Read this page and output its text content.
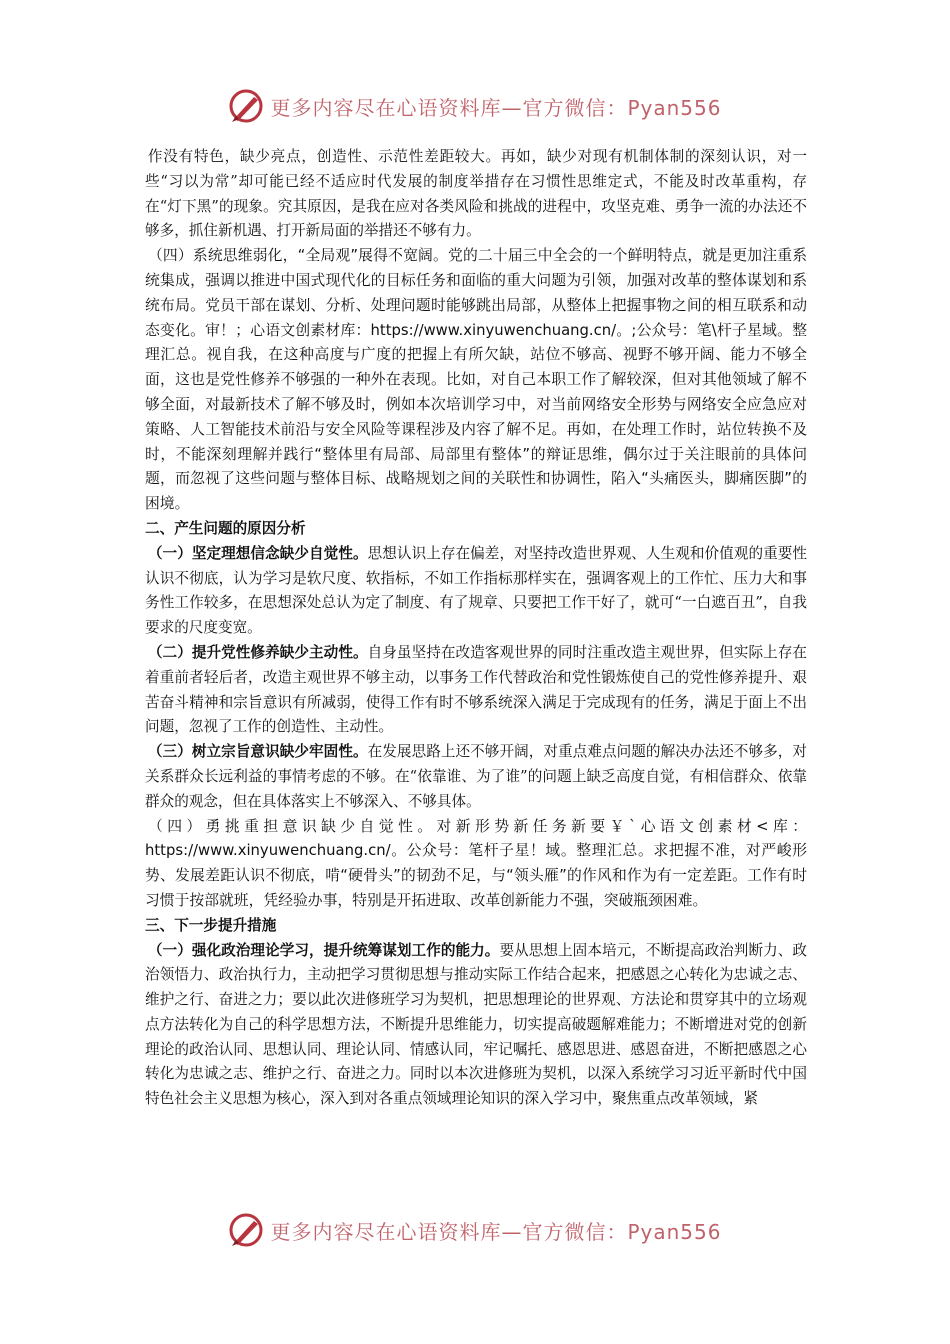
更多内容尽在心语资料库—官方微信：Pyan556

作没有特色，缺少亮点，创造性、示范性差距较大。再如，缺少对现有机制体制的深刻认识，对一些“习以为常”却可能已经不适应时代发展的制度举措存在习惯性思维定式，不能及时改革重构，存在“灯下黑”的现象。究其原因，是我在应对各类风险和挑战的进程中，攻坚克难、勇争一流的办法还不够多，抓住新机遇、打开新局面的举措还不够有力。

（四）系统思维弱化，“全局观”展得不宽阔。党的二十届三中全会的一个鲜明特点，就是更加注重系统集成，强调以推进中国式现代化的目标任务和面临的重大问题为引领，加强对改革的整体谋划和系统布局。党员干部在谋划、分析、处理问题时能够跳出局部，从整体上把握事物之间的相互联系和动态变化。审！；心语文创素材库：https://www.xinyuwenchuang.cn/。;公众号：笔\杆子星域。整理汇总。视自我，在这种高度与广度的把握上有所欠缺，站位不够高、视野不够开阔、能力不够全面，这也是党性修养不够强的一种外在表现。比如，对自己本职工作了解较深，但对其他领域了解不够全面，对最新技术了解不够及时，例如本次培训学习中，对当前网络安全形势与网络安全应急应对策略、人工智能技术前沿与安全风险等课程涉及内容了解不足。再如，在处理工作时，站位转换不及时，不能深刻理解并践行“整体里有局部、局部里有整体”的辩证思维，偶尔过于关注眼前的具体问题，而忽视了这些问题与整体目标、战略规划之间的关联性和协调性，陷入“头痛医头，脚痛医脚”的困境。

二、产生问题的原因分析

（一）坚定理想信念缺少自觉性。思想认识上存在偏差，对坚持改造世界观、人生观和价值观的重要性认识不彻底，认为学习是软尺度、软指标，不如工作指标那样实在，强调客观上的工作忙、压力大和事务性工作较多，在思想深处总认为定了制度、有了规章、只要把工作干好了，就可“一白遮百丑”，自我要求的尺度变宽。

（二）提升党性修养缺少主动性。自身虽坚持在改造客观世界的同时注重改造主观世界，但实际上存在着重前者轻后者，改造主观世界不够主动，以事务工作代替政治和党性锻炼使自己的党性修养提升、艰苦奋斗精神和宗旨意识有所减弱，使得工作有时不够系统深入满足于完成现有的任务，满足于面上不出问题，忽视了工作的创造性、主动性。

（三）树立宗旨意识缺少牢固性。在发展思路上还不够开阔，对重点难点问题的解决办法还不够多，对关系群众长远利益的事情考虑的不够。在“依靠谁、为了谁”的问题上缺乏高度自觉，有相信群众、依靠群众的观念，但在具体落实上不够深入、不够具体。

（四）勇挑重担意识缺少自觉性。对新形势新任务新要￥`心语文创素材<库：https://www.xinyuwenchuang.cn/。公众号：笔杆子星！域。整理汇总。求把握不准，对严峻形势、发展差距认识不彻底，啃“硬骨头”的韧劲不足，与“领头雁”的作风和作为有一定差距。工作有时习惯于按部就班，凭经验办事，特别是开拓进取、改革创新能力不强，突破瓶颈困难。

三、下一步提升措施

（一）强化政治理论学习，提升统筹谋划工作的能力。要从思想上固本培元，不断提高政治判断力、政治领悟力、政治执行力，主动把学习贯彻思想与推动实际工作结合起来，把感恩之心转化为忠诚之志、维护之行、奋进之力；要以此次进修班学习为契机，把思想理论的世界观、方法论和贯穿其中的立场观点方法转化为自己的科学思想方法，不断提升思维能力，切实提高破题解难能力；不断增进对党的创新理论的政治认同、思想认同、理论认同、情感认同，牢记嘱托、感恩思进、感恩奋进，不断把感恩之心转化为忠诚之志、维护之行、奋进之力。同时以本次进修班为契机，以深入系统学习习近平新时代中国特色社会主义思想为核心，深入到对各重点领域理论知识的深入学习中，聚焦重点改革领域，紧

更多内容尽在心语资料库—官方微信：Pyan556
